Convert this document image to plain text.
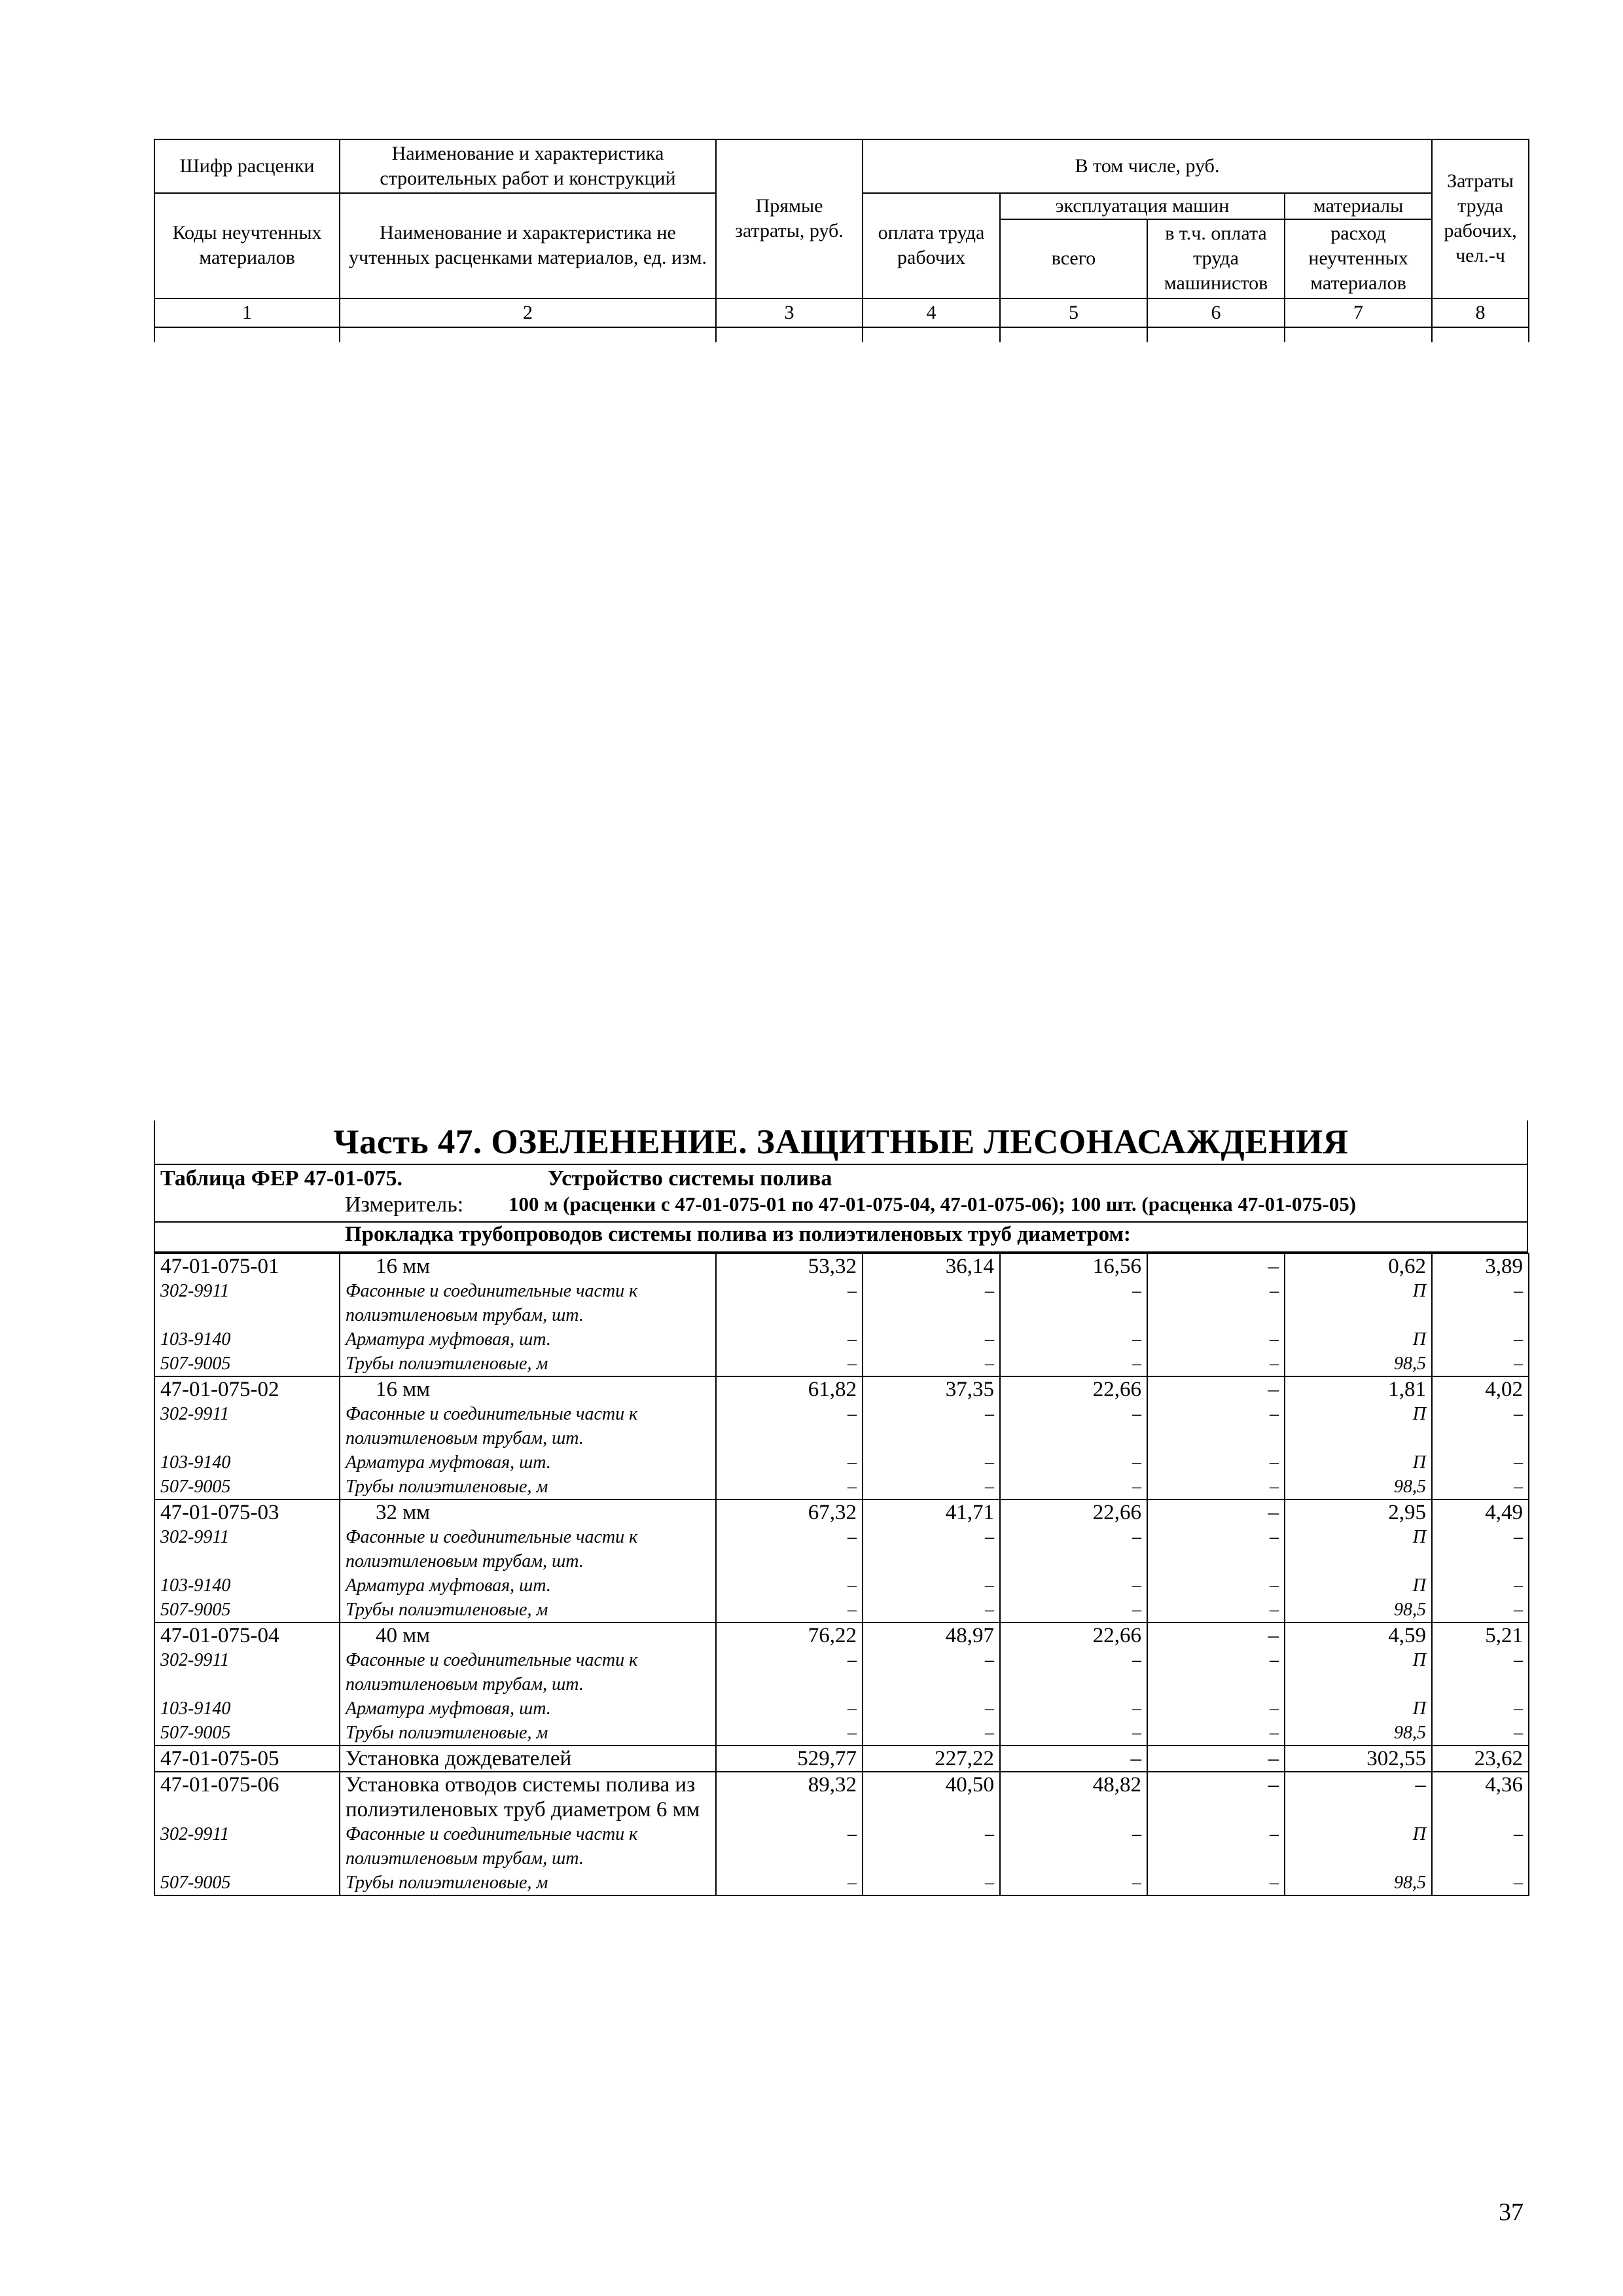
Шифр расценки	Наименование и характеристика строительных работ и конструкций	Прямые затраты, руб.	В том числе, руб.				Затраты труда рабочих, чел.-ч
Коды неучтенных материалов	Наименование и характеристика не учтенных расценками материалов, ед. изм.		оплата труда рабочих	эксплуатация машин		материалы	
				всего	в т.ч. оплата труда машинистов	расход неучтенных материалов	
1	2	3	4	5	6	7	8

Часть 47. ОЗЕЛЕНЕНИЕ. ЗАЩИТНЫЕ ЛЕСОНАСАЖДЕНИЯ
Таблица ФЕР 47-01-075.	Устройство системы полива
Измеритель: 100 м (расценки с 47-01-075-01 по 47-01-075-04, 47-01-075-06); 100 шт. (расценка 47-01-075-05)
Прокладка трубопроводов системы полива из полиэтиленовых труб диаметром:
47-01-075-01	16 мм	53,32	36,14	16,56	–	0,62	3,89
302-9911	Фасонные и соединительные части к полиэтиленовым трубам, шт.	–	–	–	–	П	–
103-9140	Арматура муфтовая, шт.	–	–	–	–	П	–
507-9005	Трубы полиэтиленовые, м	–	–	–	–	98,5	–
47-01-075-02	16 мм	61,82	37,35	22,66	–	1,81	4,02
302-9911	Фасонные и соединительные части к полиэтиленовым трубам, шт.	–	–	–	–	П	–
103-9140	Арматура муфтовая, шт.	–	–	–	–	П	–
507-9005	Трубы полиэтиленовые, м	–	–	–	–	98,5	–
47-01-075-03	32 мм	67,32	41,71	22,66	–	2,95	4,49
302-9911	Фасонные и соединительные части к полиэтиленовым трубам, шт.	–	–	–	–	П	–
103-9140	Арматура муфтовая, шт.	–	–	–	–	П	–
507-9005	Трубы полиэтиленовые, м	–	–	–	–	98,5	–
47-01-075-04	40 мм	76,22	48,97	22,66	–	4,59	5,21
302-9911	Фасонные и соединительные части к полиэтиленовым трубам, шт.	–	–	–	–	П	–
103-9140	Арматура муфтовая, шт.	–	–	–	–	П	–
507-9005	Трубы полиэтиленовые, м	–	–	–	–	98,5	–
47-01-075-05	Установка дождевателей	529,77	227,22	–	–	302,55	23,62
47-01-075-06	Установка отводов системы полива из полиэтиленовых труб диаметром 6 мм	89,32	40,50	48,82	–	–	4,36
302-9911	Фасонные и соединительные части к полиэтиленовым трубам, шт.	–	–	–	–	П	–
507-9005	Трубы полиэтиленовые, м	–	–	–	–	98,5	–
37
